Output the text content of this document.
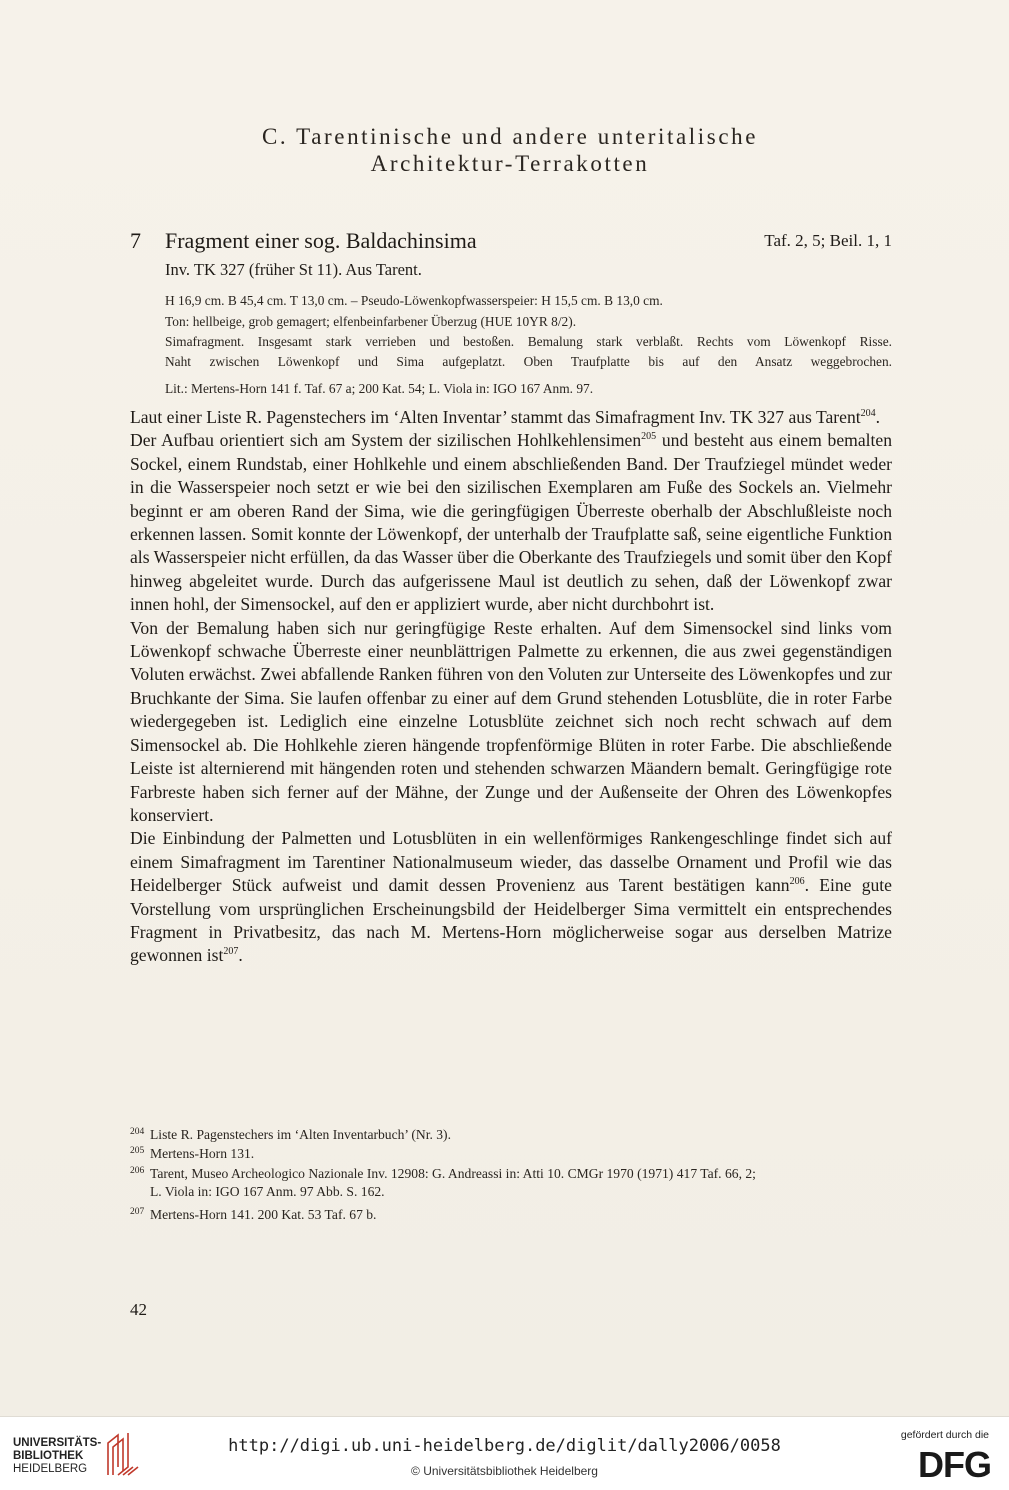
C. Tarentinische und andere unteritalische
Architektur-Terrakotten
7 Fragment einer sog. Baldachinsima	Taf. 2, 5; Beil. 1, 1
Inv. TK 327 (früher St 11). Aus Tarent.
H 16,9 cm. B 45,4 cm. T 13,0 cm. – Pseudo-Löwenkopfwasserspeier: H 15,5 cm. B 13,0 cm.
Ton: hellbeige, grob gemagert; elfenbeinfarbener Überzug (HUE 10YR 8/2).
Simafragment. Insgesamt stark verrieben und bestoßen. Bemalung stark verblaßt. Rechts vom Löwenkopf Risse.
Naht zwischen Löwenkopf und Sima aufgeplatzt. Oben Traufplatte bis auf den Ansatz weggebrochen.
Lit.: Mertens-Horn 141 f. Taf. 67 a; 200 Kat. 54; L. Viola in: IGO 167 Anm. 97.

Laut einer Liste R. Pagenstechers im ‘Alten Inventar’ stammt das Simafragment Inv. TK 327 aus Tarent$^{204}$.

Der Aufbau orientiert sich am System der sizilischen Hohlkehlensimen$^{205}$ und besteht aus einem bemalten Sockel, einem Rundstab, einer Hohlkehle und einem abschließenden Band. Der Traufziegel mündet weder in die Wasserspeier noch setzt er wie bei den sizilischen Exemplaren am Fuße des Sockels an. Vielmehr beginnt er am oberen Rand der Sima, wie die geringfügigen Überreste oberhalb der Abschlußleiste noch erkennen lassen. Somit konnte der Löwenkopf, der unterhalb der Traufplatte saß, seine eigentliche Funktion als Wasserspeier nicht erfüllen, da das Wasser über die Oberkante des Traufziegels und somit über den Kopf hinweg abgeleitet wurde. Durch das aufgerissene Maul ist deutlich zu sehen, daß der Löwenkopf zwar innen hohl, der Simensockel, auf den er appliziert wurde, aber nicht durchbohrt ist.

Von der Bemalung haben sich nur geringfügige Reste erhalten. Auf dem Simensockel sind links vom Löwenkopf schwache Überreste einer neunblättrigen Palmette zu erkennen, die aus zwei gegenständigen Voluten erwächst. Zwei abfallende Ranken führen von den Voluten zur Unterseite des Löwenkopfes und zur Bruchkante der Sima. Sie laufen offenbar zu einer auf dem Grund stehenden Lotusblüte, die in roter Farbe wiedergegeben ist. Lediglich eine einzelne Lotusblüte zeichnet sich noch recht schwach auf dem Simensockel ab. Die Hohlkehle zieren hängende tropfenförmige Blüten in roter Farbe. Die abschließende Leiste ist alternierend mit hängenden roten und stehenden schwarzen Mäandern bemalt. Geringfügige rote Farbreste haben sich ferner auf der Mähne, der Zunge und der Außenseite der Ohren des Löwenkopfes konserviert.

Die Einbindung der Palmetten und Lotusblüten in ein wellenförmiges Rankengeschlinge findet sich auf einem Simafragment im Tarentiner Nationalmuseum wieder, das dasselbe Ornament und Profil wie das Heidelberger Stück aufweist und damit dessen Provenienz aus Tarent bestätigen kann$^{206}$. Eine gute Vorstellung vom ursprünglichen Erscheinungsbild der Heidelberger Sima vermittelt ein entsprechendes Fragment in Privatbesitz, das nach M. Mertens-Horn möglicherweise sogar aus derselben Matrize gewonnen ist$^{207}$.

204 Liste R. Pagenstechers im ‘Alten Inventarbuch’ (Nr. 3).
205 Mertens-Horn 131.
206 Tarent, Museo Archeologico Nazionale Inv. 12908: G. Andreassi in: Atti 10. CMGr 1970 (1971) 417 Taf. 66, 2;
L. Viola in: IGO 167 Anm. 97 Abb. S. 162.
207 Mertens-Horn 141. 200 Kat. 53 Taf. 67 b.
42
UNIVERSITÄTS-
BIBLIOTHEK
HEIDELBERG
http://digi.ub.uni-heidelberg.de/diglit/dally2006/0058
© Universitätsbibliothek Heidelberg
gefördert durch die
DFG
